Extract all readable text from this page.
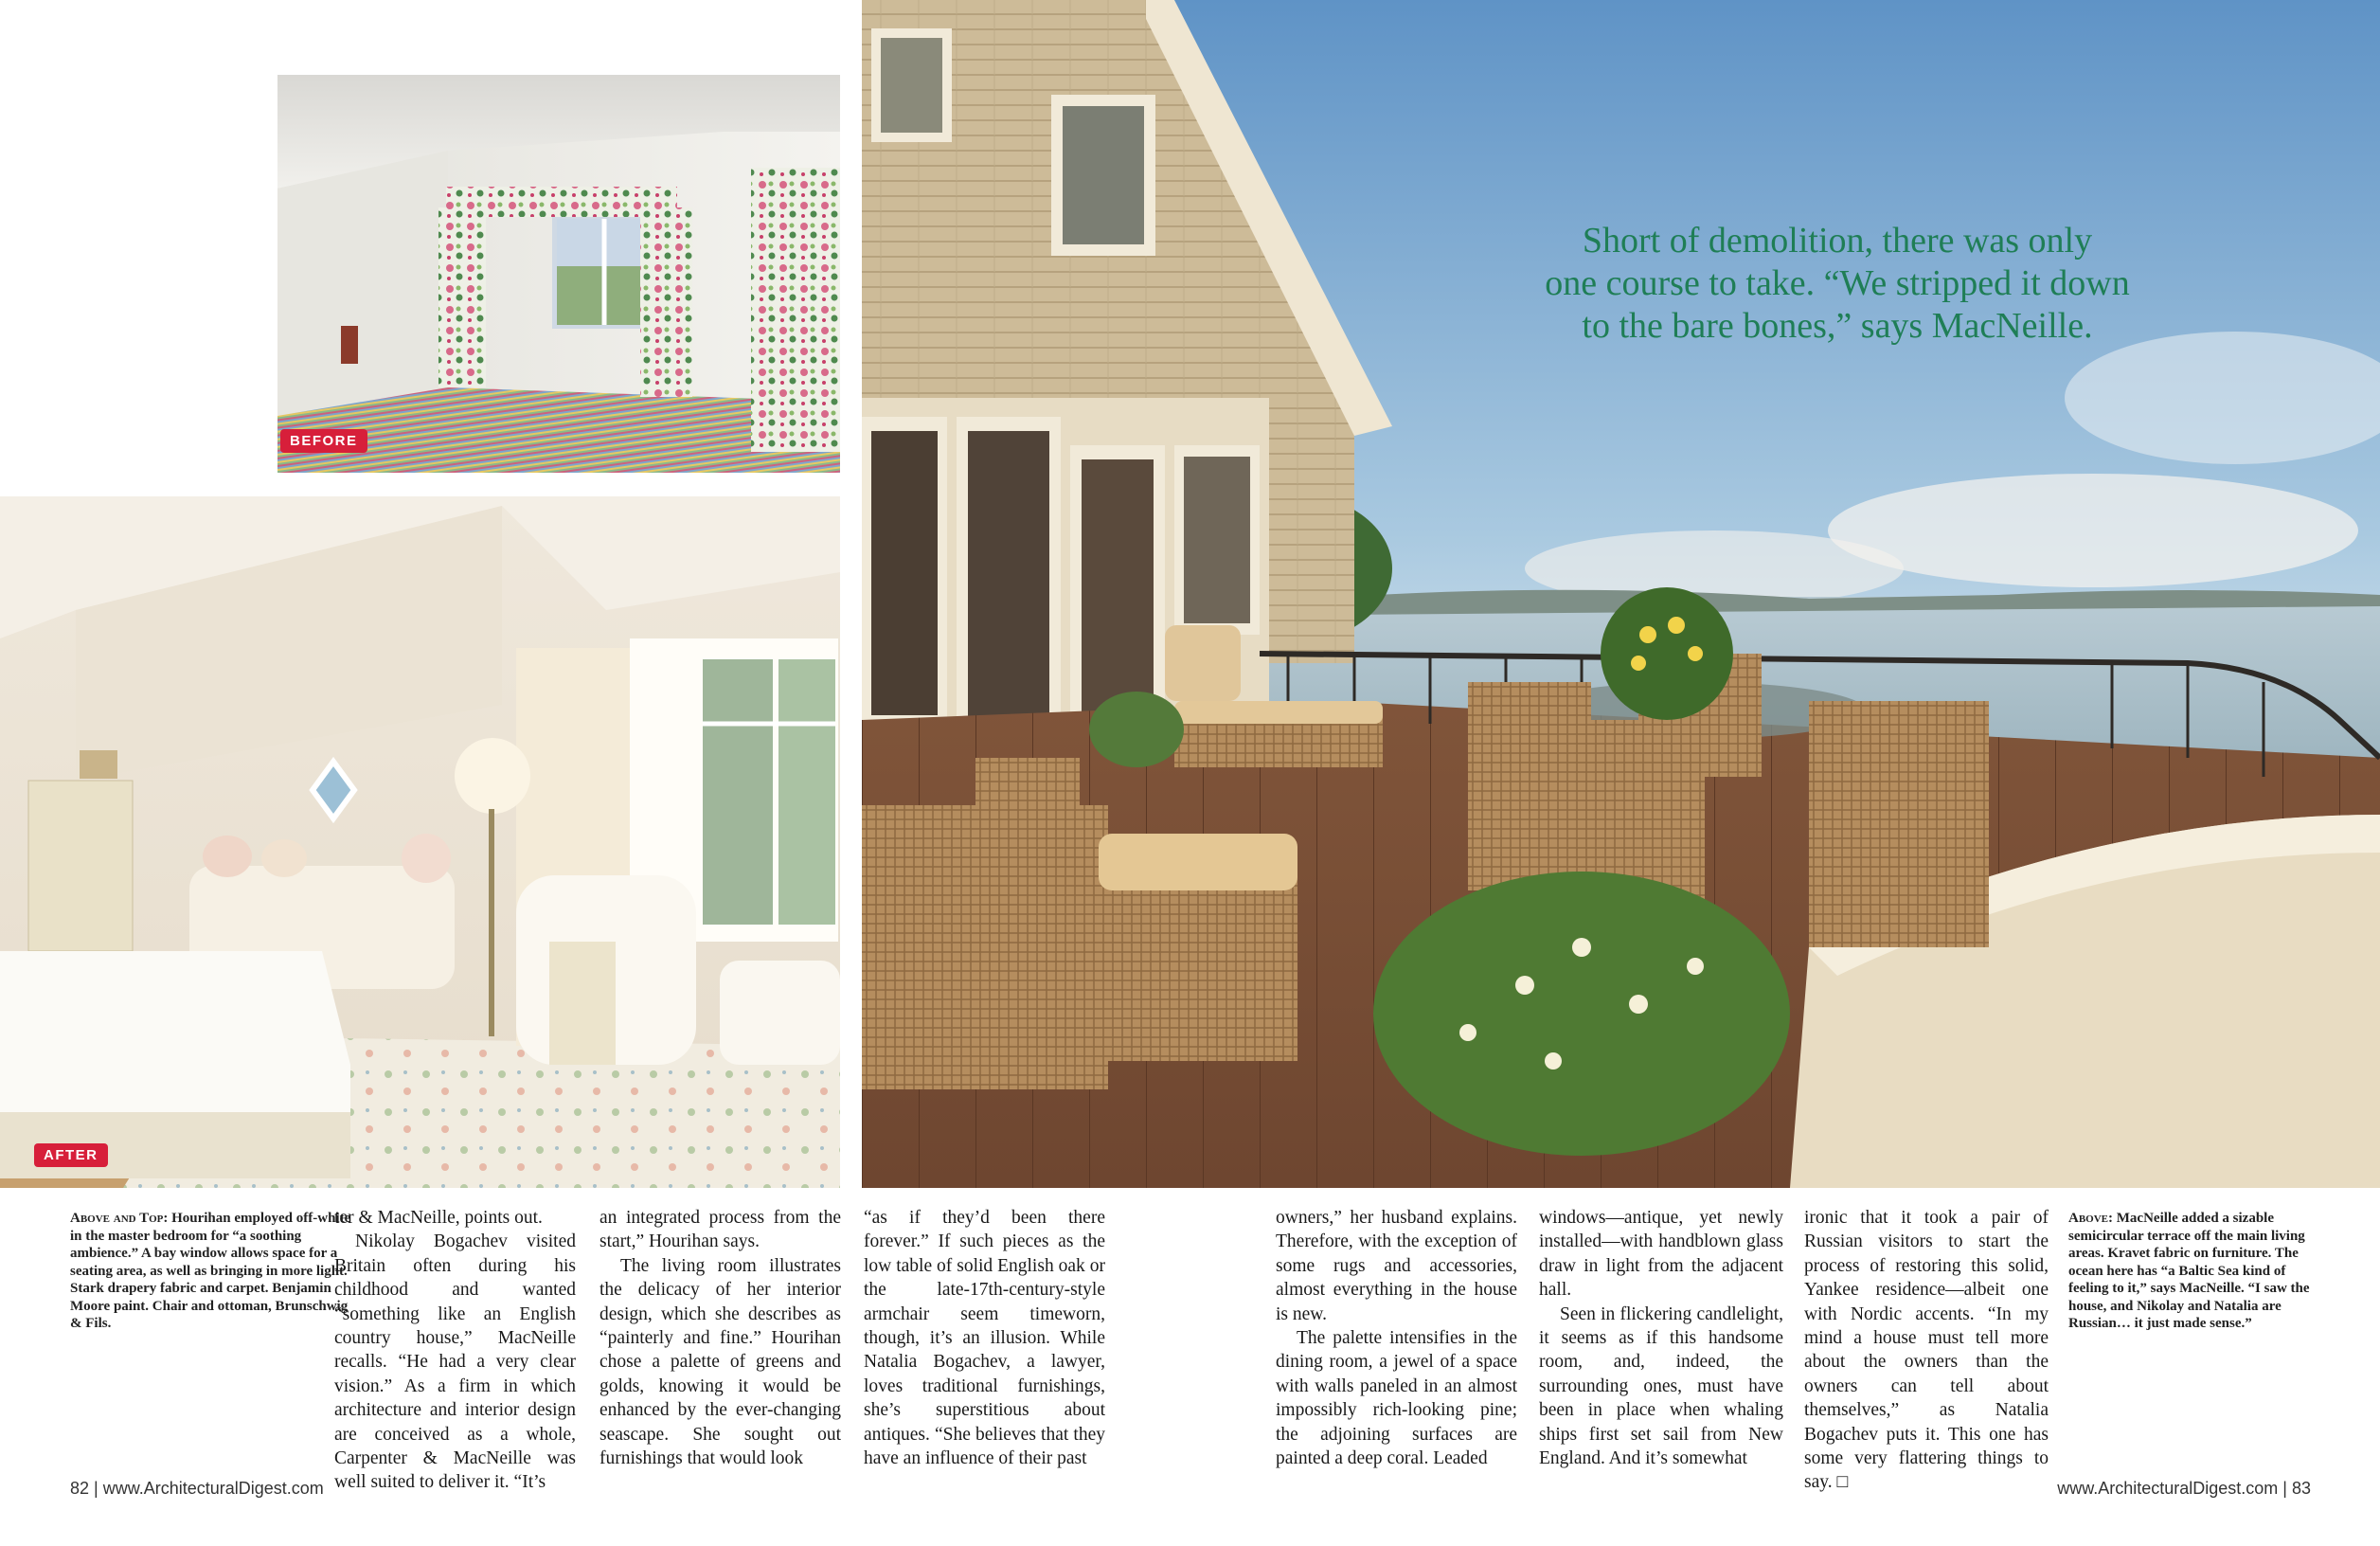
BEFORE
AFTER
Short of demolition, there was only
one course to take. “We stripped it down
to the bare bones,” says MacNeille.
Above and Top: Hourihan employed off-white in the master bedroom for “a soothing ambience.” A bay window allows space for a seating area, as well as bringing in more light. Stark drapery fabric and carpet. Benjamin Moore paint. Chair and ottoman, Brunschwig & Fils.

ter & MacNeille, points out.

Nikolay Bogachev visited Britain often during his childhood and wanted “something like an English country house,” MacNeille recalls. “He had a very clear vision.” As a firm in which architecture and interior design are conceived as a whole, Carpenter & MacNeille was well suited to deliver it. “It’s

an integrated process from the start,” Hourihan says.

The living room illustrates the delicacy of her interior design, which she describes as “painterly and fine.” Hourihan chose a palette of greens and golds, knowing it would be enhanced by the ever-changing seascape. She sought out furnishings that would look

“as if they’d been there forever.” If such pieces as the low table of solid English oak or the late-17th-century-style armchair seem timeworn, though, it’s an illusion. While Natalia Bogachev, a lawyer, loves traditional furnishings, she’s superstitious about antiques. “She believes that they have an influence of their past

owners,” her husband explains. Therefore, with the exception of some rugs and accessories, almost everything in the house is new.

The palette intensifies in the dining room, a jewel of a space with walls paneled in an almost impossibly rich-looking pine; the adjoining surfaces are painted a deep coral. Leaded

windows—antique, yet newly installed—with handblown glass draw in light from the adjacent hall.

Seen in flickering candlelight, it seems as if this handsome room, and, indeed, the surrounding ones, must have been in place when whaling ships first set sail from New England. And it’s somewhat

ironic that it took a pair of Russian visitors to start the process of restoring this solid, Yankee residence—albeit one with Nordic accents. “In my mind a house must tell more about the owners than the owners can tell about themselves,” as Natalia Bogachev puts it. This one has some very flattering things to say. □

Above: MacNeille added a sizable semicircular terrace off the main living areas. Kravet fabric on furniture. The ocean here has “a Baltic Sea kind of feeling to it,” says MacNeille. “I saw the house, and Nikolay and Natalia are Russian… it just made sense.”
82 | www.ArchitecturalDigest.com	www.ArchitecturalDigest.com | 83
